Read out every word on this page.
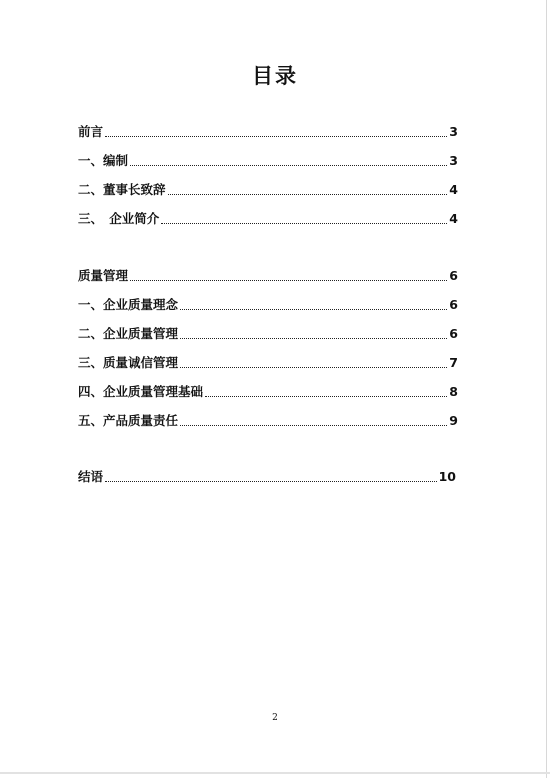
目录
前言	3
一、编制	3
二、董事长致辞	4
三、　企业简介	4
质量管理	6
一、企业质量理念	6
二、企业质量管理	6
三、质量诚信管理	7
四、企业质量管理基础	8
五、产品质量责任	9
结语	10
2
